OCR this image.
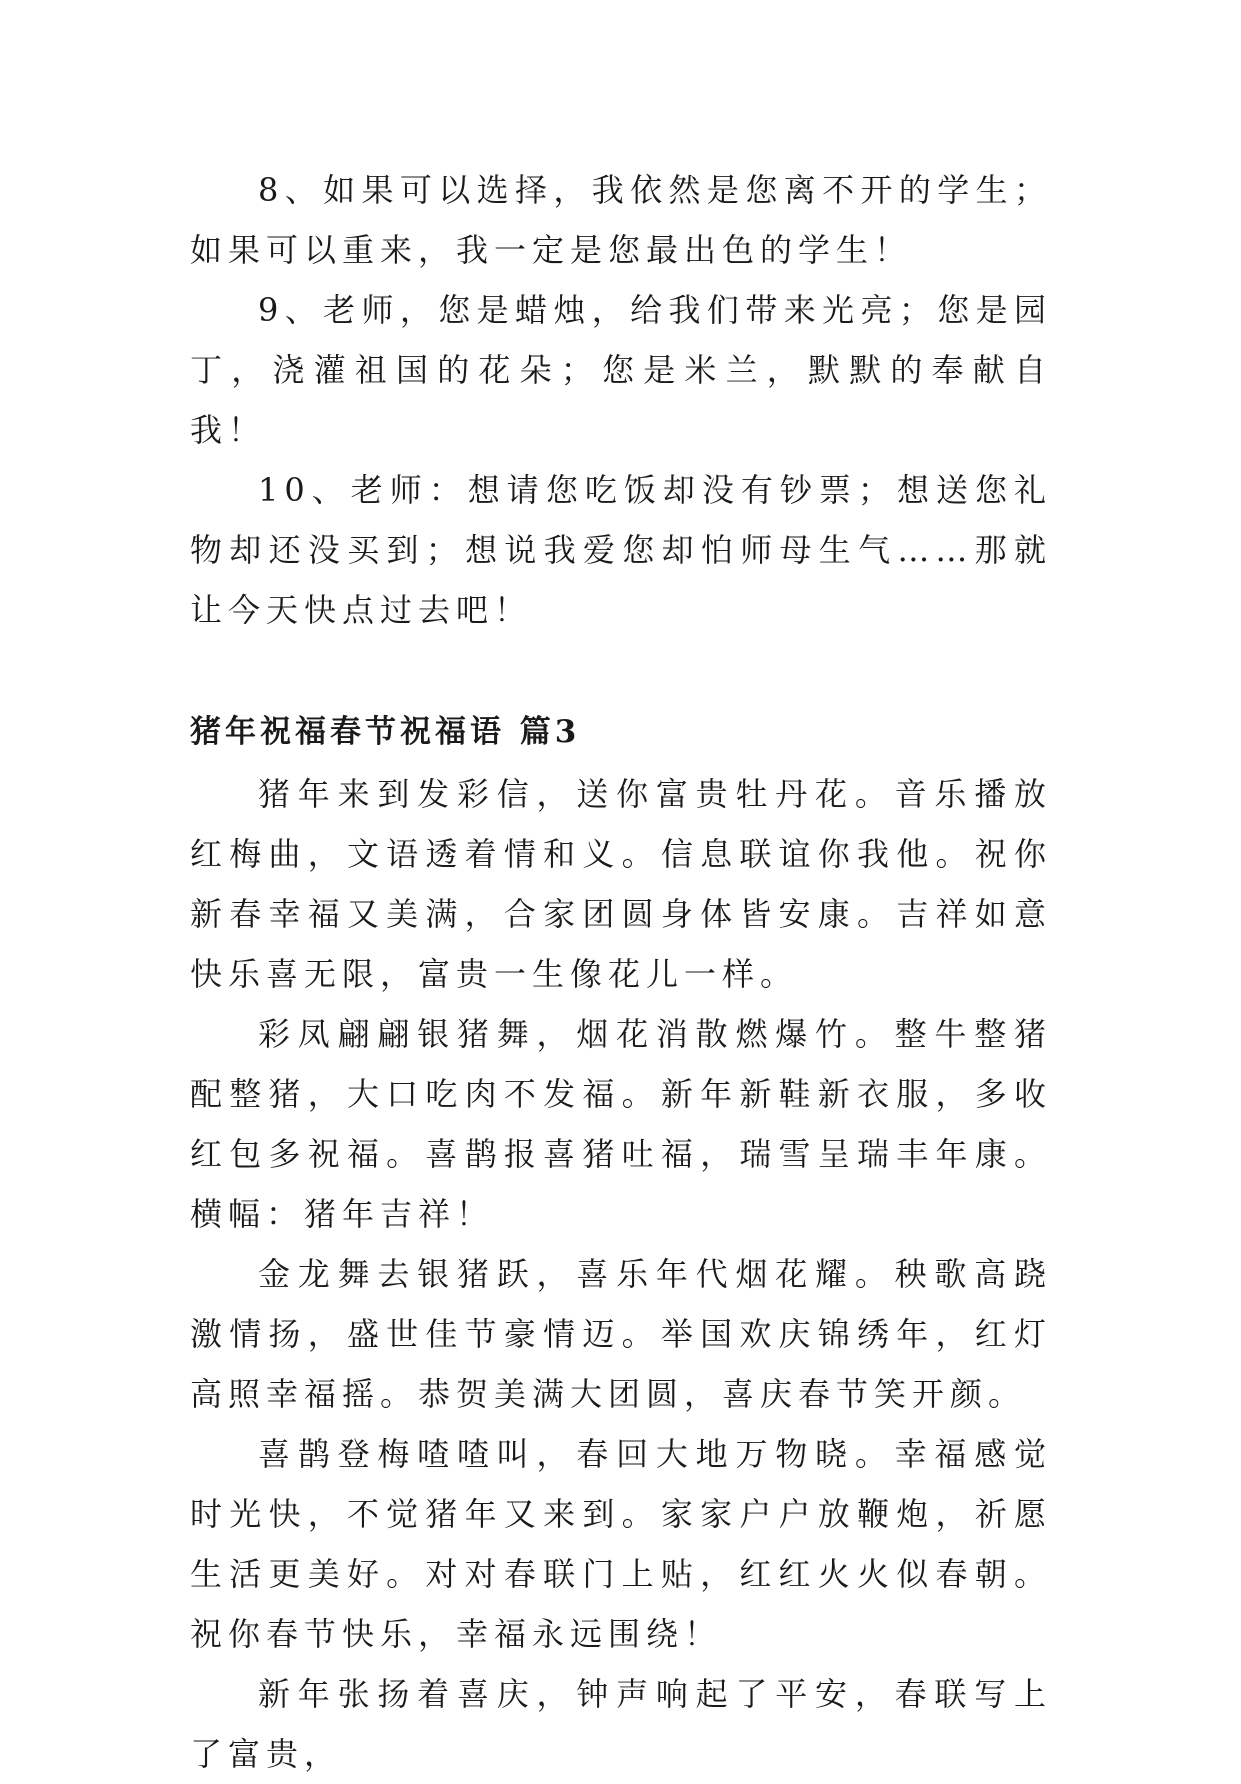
8、如果可以选择，我依然是您离不开的学生；如果可以重来，我一定是您最出色的学生！

9、老师，您是蜡烛，给我们带来光亮；您是园丁，浇灌祖国的花朵；您是米兰，默默的奉献自我！

10、老师：想请您吃饭却没有钞票；想送您礼物却还没买到；想说我爱您却怕师母生气……那就让今天快点过去吧！

猪年祝福春节祝福语 篇3

猪年来到发彩信，送你富贵牡丹花。音乐播放红梅曲，文语透着情和义。信息联谊你我他。祝你新春幸福又美满，合家团圆身体皆安康。吉祥如意快乐喜无限，富贵一生像花儿一样。

彩凤翩翩银猪舞，烟花消散燃爆竹。整牛整猪配整猪，大口吃肉不发福。新年新鞋新衣服，多收红包多祝福。喜鹊报喜猪吐福，瑞雪呈瑞丰年康。横幅：猪年吉祥！

金龙舞去银猪跃，喜乐年代烟花耀。秧歌高跷激情扬，盛世佳节豪情迈。举国欢庆锦绣年，红灯高照幸福摇。恭贺美满大团圆，喜庆春节笑开颜。

喜鹊登梅喳喳叫，春回大地万物晓。幸福感觉时光快，不觉猪年又来到。家家户户放鞭炮，祈愿生活更美好。对对春联门上贴，红红火火似春朝。祝你春节快乐，幸福永远围绕！

新年张扬着喜庆，钟声响起了平安，春联写上了富贵，
